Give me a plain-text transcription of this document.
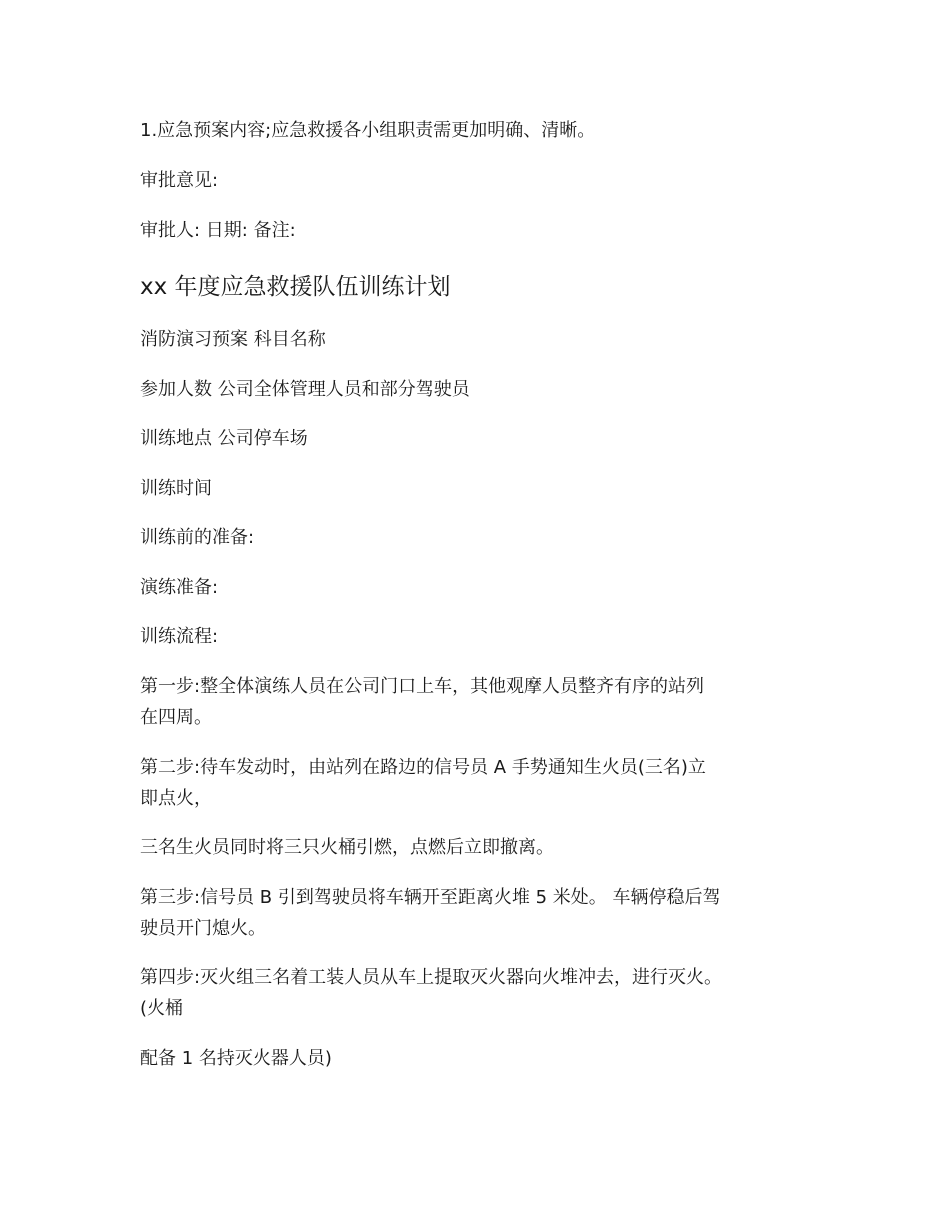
1.应急预案内容;应急救援各小组职责需更加明确、清晰。

审批意见:

审批人: 日期: 备注:

xx 年度应急救援队伍训练计划

消防演习预案 科目名称

参加人数 公司全体管理人员和部分驾驶员

训练地点 公司停车场

训练时间

训练前的准备:

演练准备:

训练流程:

第一步:整全体演练人员在公司门口上车，其他观摩人员整齐有序的站列

在四周。

第二步:待车发动时，由站列在路边的信号员 A 手势通知生火员(三名)立

即点火，

三名生火员同时将三只火桶引燃，点燃后立即撤离。

第三步:信号员 B 引到驾驶员将车辆开至距离火堆 5 米处。 车辆停稳后驾

驶员开门熄火。

第四步:灭火组三名着工装人员从车上提取灭火器向火堆冲去，进行灭火。

(火桶

配备 1 名持灭火器人员)
